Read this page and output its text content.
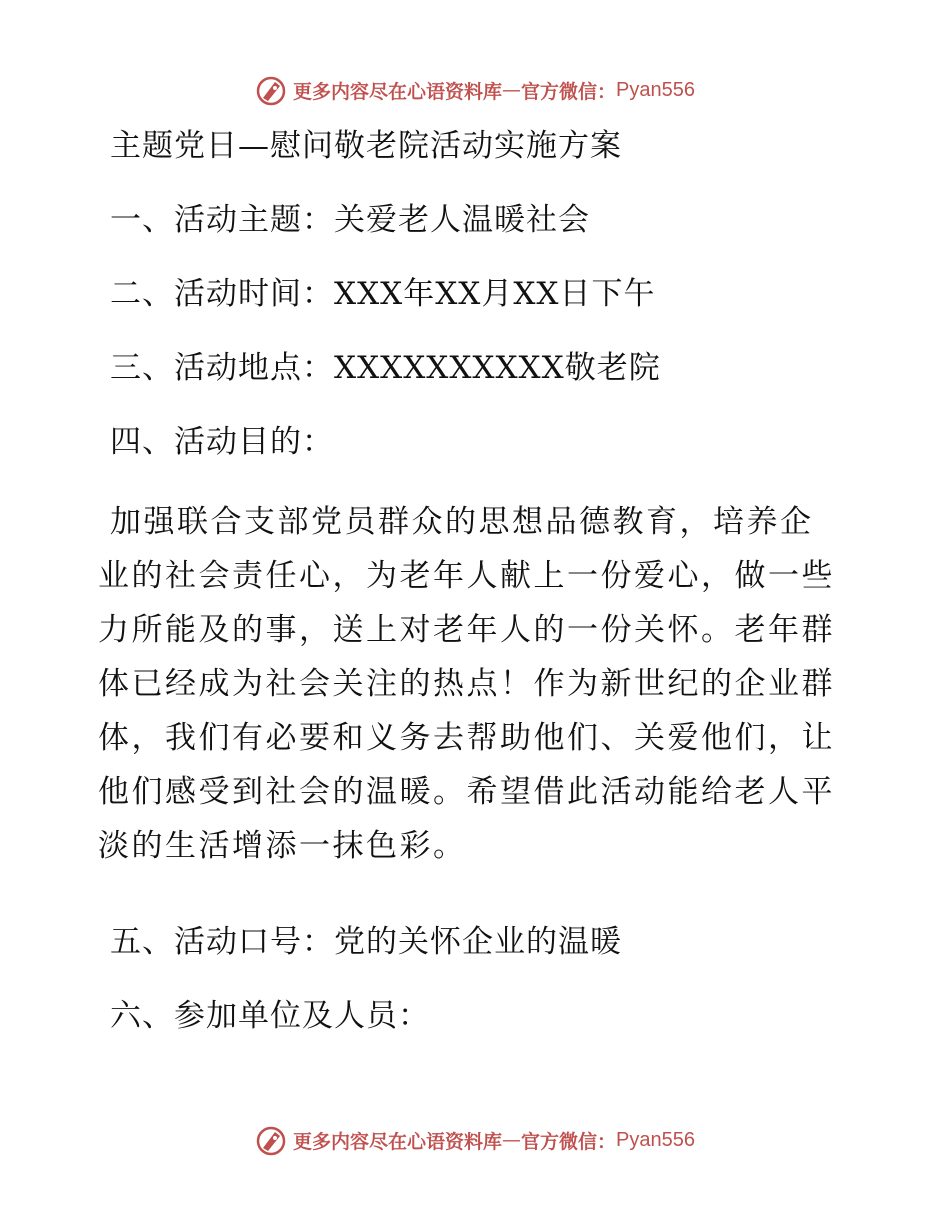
更多内容尽在心语资料库 — 官方微信： Pyan556
主题党日—慰问敬老院活动实施方案
一、活动主题：关爱老人温暖社会
二、活动时间：XXX年XX月XX日下午
三、活动地点：XXXXXXXXXX敬老院
四、活动目的：
加强联合支部党员群众的思想品德教育，培养企
业的社会责任心，为老年人献上一份爱心，做一些
力所能及的事，送上对老年人的一份关怀。老年群
体已经成为社会关注的热点！作为新世纪的企业群
体，我们有必要和义务去帮助他们、关爱他们，让
他们感受到社会的温暖。希望借此活动能给老人平
淡的生活增添一抹色彩。
五、活动口号：党的关怀企业的温暖
六、参加单位及人员：
更多内容尽在心语资料库 — 官方微信： Pyan556
